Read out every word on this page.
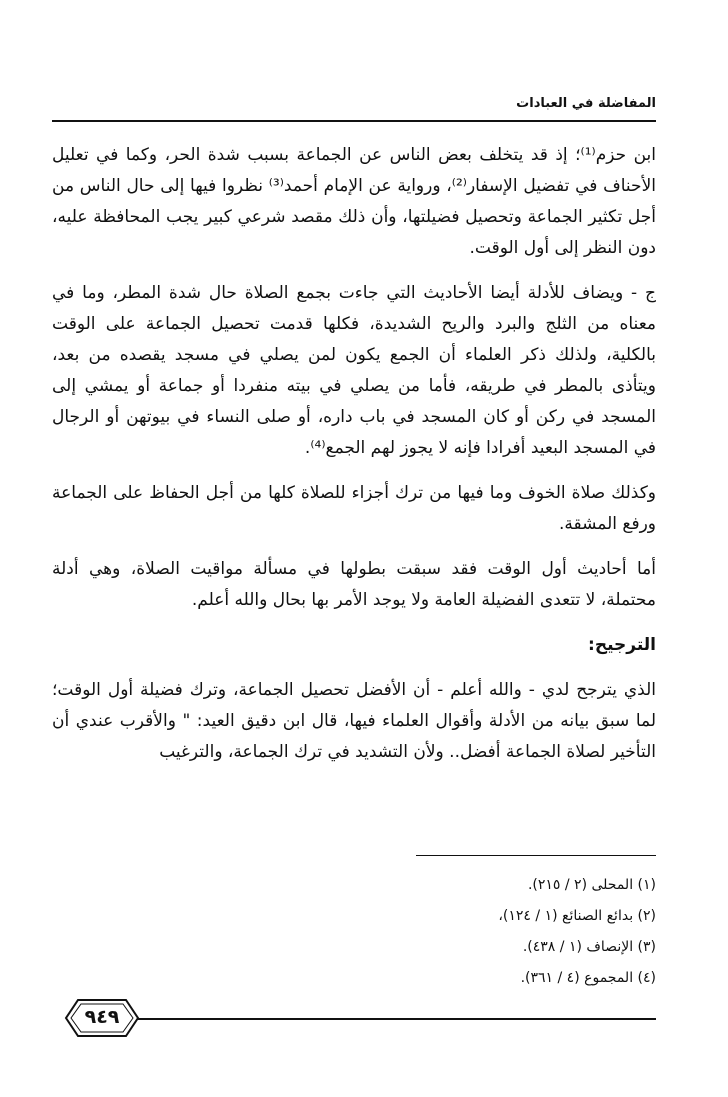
المفاضلة في العبادات

ابن حزم⁽¹⁾؛ إذ قد يتخلف بعض الناس عن الجماعة بسبب شدة الحر، وكما في تعليل الأحناف في تفضيل الإسفار⁽²⁾، ورواية عن الإمام أحمد⁽³⁾ نظروا فيها إلى حال الناس من أجل تكثير الجماعة وتحصيل فضيلتها، وأن ذلك مقصد شرعي كبير يجب المحافظة عليه، دون النظر إلى أول الوقت.

ج - ويضاف للأدلة أيضا الأحاديث التي جاءت بجمع الصلاة حال شدة المطر، وما في معناه من الثلج والبرد والريح الشديدة، فكلها قدمت تحصيل الجماعة على الوقت بالكلية، ولذلك ذكر العلماء أن الجمع يكون لمن يصلي في مسجد يقصده من بعد، ويتأذى بالمطر في طريقه، فأما من يصلي في بيته منفردا أو جماعة أو يمشي إلى المسجد في ركن أو كان المسجد في باب داره، أو صلى النساء في بيوتهن أو الرجال في المسجد البعيد أفرادا فإنه لا يجوز لهم الجمع⁽⁴⁾.

وكذلك صلاة الخوف وما فيها من ترك أجزاء للصلاة كلها من أجل الحفاظ على الجماعة ورفع المشقة.

أما أحاديث أول الوقت فقد سبقت بطولها في مسألة مواقيت الصلاة، وهي أدلة محتملة، لا تتعدى الفضيلة العامة ولا يوجد الأمر بها بحال والله أعلم.

الترجيح:

الذي يترجح لدي - والله أعلم - أن الأفضل تحصيل الجماعة، وترك فضيلة أول الوقت؛ لما سبق بيانه من الأدلة وأقوال العلماء فيها، قال ابن دقيق العيد: " والأقرب عندي أن التأخير لصلاة الجماعة أفضل.. ولأن التشديد في ترك الجماعة، والترغيب

(١) المحلى (٢ / ٢١٥).
(٢) بدائع الصنائع (١ / ١٢٤)،
(٣) الإنصاف (١ / ٤٣٨).
(٤) المجموع (٤ / ٣٦١).
٩٤٩
